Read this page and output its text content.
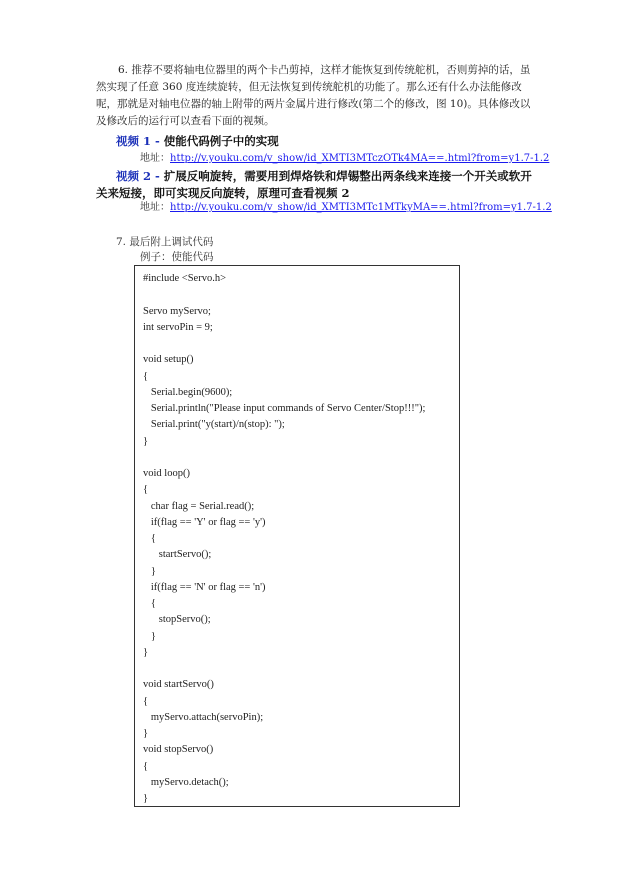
6. 推荐不要将轴电位器里的两个卡凸剪掉，这样才能恢复到传统舵机，否则剪掉的话，虽然实现了任意 360 度连续旋转，但无法恢复到传统舵机的功能了。那么还有什么办法能修改呢，那就是对轴电位器的轴上附带的两片金属片进行修改(第二个的修改，图 10)。具体修改以及修改后的运行可以查看下面的视频。

视频 1 - 使能代码例子中的实现
地址：http://v.youku.com/v_show/id_XMTI3MTczOTk4MA==.html?from=y1.7-1.2
视频 2 - 扩展反响旋转，需要用到焊烙铁和焊锡整出两条线来连接一个开关或软开关来短接，即可实现反向旋转，原理可查看视频 2
地址：http://v.youku.com/v_show/id_XMTI3MTc1MTkyMA==.html?from=y1.7-1.2
7. 最后附上调试代码
例子：使能代码
#include <Servo.h>
Servo myServo;
int servoPin = 9;
void setup()
{
Serial.begin(9600);
Serial.println("Please input commands of Servo Center/Stop!!!");
Serial.print("y(start)/n(stop): ");
}
void loop()
{
char flag = Serial.read();
if(flag == 'Y' or flag == 'y')
{
startServo();
}
if(flag == 'N' or flag == 'n')
{
stopServo();
}
}
void startServo()
{
myServo.attach(servoPin);
}
void stopServo()
{
myServo.detach();
}
